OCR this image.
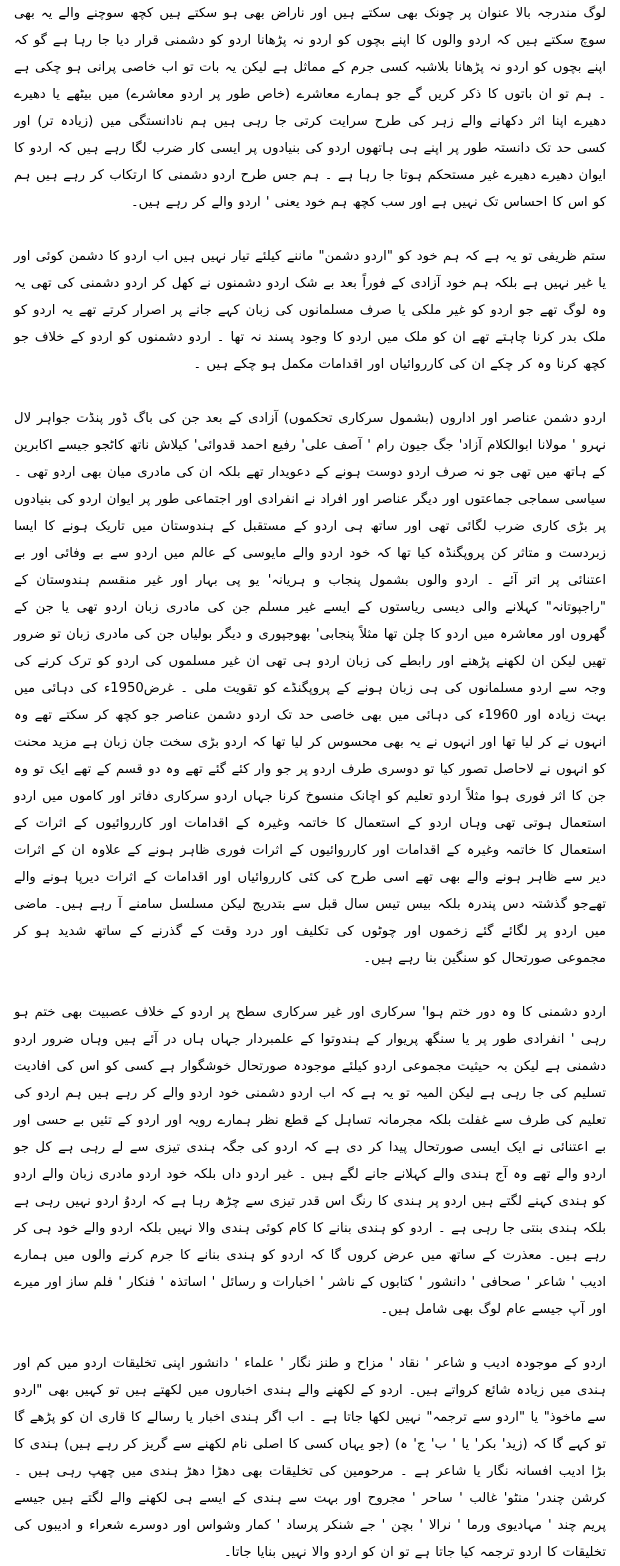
لوگ مندرجہ بالا عنوان پر چونک بھی سکتے ہیں اور ناراض بھی ہو سکتے ہیں کچھ سوچنے والے یہ بھی سوچ سکتے ہیں کہ اردو والوں کا اپنے بچوں کو اردو نہ پڑھانا اردو کو دشمنی قرار دیا جا رہا ہے گو کہ اپنے بچوں کو اردو نہ پڑھانا بلاشبہ کسی جرم کے مماثل ہے لیکن یہ بات تو اب خاصی پرانی ہو چکی ہے ۔ ہم تو ان باتوں کا ذکر کریں گے جو ہمارے معاشرے (خاص طور پر اردو معاشرے) میں بیٹھے یا دھیرے دھیرے اپنا اثر دکھانے والے زہر کی طرح سرایت کرتی جا رہی ہیں ہم نادانستگی میں (زیادہ تر) اور کسی حد تک دانستہ طور پر اپنے ہی ہاتھوں اردو کی بنیادوں پر ایسی کار ضرب لگا رہے ہیں کہ اردو کا ایوان دھیرے دھیرے غیر مستحکم ہوتا جا رہا ہے ۔ ہم جس طرح اردو دشمنی کا ارتکاب کر رہے ہیں ہم کو اس کا احساس تک نہیں ہے اور سب کچھ ہم خود یعنی ' اردو والے کر رہے ہیں۔

ستم ظریفی تو یہ ہے کہ ہم خود کو "اردو دشمن" ماننے کیلئے تیار نہیں ہیں اب اردو کا دشمن کوئی اور یا غیر نہیں ہے بلکہ ہم خود آزادی کے فوراً بعد بے شک اردو دشمنوں نے کھل کر اردو دشمنی کی تھی یہ وہ لوگ تھے جو اردو کو غیر ملکی یا صرف مسلمانوں کی زبان کہے جانے پر اصرار کرتے تھے یہ اردو کو ملک بدر کرنا چاہتے تھے ان کو ملک میں اردو کا وجود پسند نہ تھا ۔ اردو دشمنوں کو اردو کے خلاف جو کچھ کرنا وہ کر چکے ان کی کارروائیاں اور اقدامات مکمل ہو چکے ہیں ۔

اردو دشمن عناصر اور اداروں (بشمول سرکاری تحکموں) آزادی کے بعد جن کی باگ ڈور پنڈت جواہر لال نہرو ' مولانا ابوالکلام آزاد' جگ جیون رام ' آصف علی' رفیع احمد قدوائی' کیلاش ناتھ کاٹجو جیسے اکابرین کے ہاتھ میں تھی جو نہ صرف اردو دوست ہونے کے دعویدار تھے بلکہ ان کی مادری میان بھی اردو تھی ۔ سیاسی سماجی جماعتوں اور دیگر عناصر اور افراد نے انفرادی اور اجتماعی طور پر ایوان اردو کی بنیادوں پر بڑی کاری ضرب لگائی تھی اور ساتھ ہی اردو کے مستقبل کے ہندوستان میں تاریک ہونے کا ایسا زبردست و متاثر کن پروپگنڈہ کیا تھا کہ خود اردو والے مایوسی کے عالم میں اردو سے بے وفائی اور بے اعتنائی پر اتر آئے ۔ اردو والوں بشمول پنجاب و ہریانہ' یو پی بہار اور غیر منقسم ہندوستان کے "راجپوتانہ" کہلانے والی دیسی ریاستوں کے ایسے غیر مسلم جن کی مادری زبان اردو تھی یا جن کے گھروں اور معاشرہ میں اردو کا چلن تھا مثلاً پنجابی' بھوجپوری و دیگر بولیاں جن کی مادری زبان تو ضرور تھیں لیکن ان لکھنے پڑھنے اور رابطے کی زبان اردو ہی تھی ان غیر مسلموں کی اردو کو ترک کرنے کی وجہ سے اردو مسلمانوں کی ہی زبان ہونے کے پروپگنڈے کو تقویت ملی ۔ غرض1950ء کی دہائی میں بہت زیادہ اور 1960ء کی دہائی میں بھی خاصی حد تک اردو دشمن عناصر جو کچھ کر سکتے تھے وہ انہوں نے کر لیا تھا اور انہوں نے یہ بھی محسوس کر لیا تھا کہ اردو بڑی سخت جان زبان ہے مزید محنت کو انہوں نے لاحاصل تصور کیا تو دوسری طرف اردو پر جو وار کئے گئے تھے وہ دو قسم کے تھے ایک تو وہ جن کا اثر فوری ہوا مثلاً اردو تعلیم کو اچانک منسوخ کرنا جہاں اردو سرکاری دفاتر اور کاموں میں اردو استعمال ہوتی تھی وہاں اردو کے استعمال کا خاتمہ وغیرہ کے اقدامات اور کارروائیوں کے اثرات کے استعمال کا خاتمہ وغیرہ کے اقدامات اور کارروائیوں کے اثرات فوری ظاہر ہونے کے علاوہ ان کے اثرات دیر سے ظاہر ہونے والے بھی تھے اسی طرح کی کئی کارروائیاں اور اقدامات کے اثرات دیرپا ہونے والے تھےجو گذشتہ دس پندرہ بلکہ بیس تیس سال قبل سے بتدریج لیکن مسلسل سامنے آ رہے ہیں۔ ماضی میں اردو پر لگائے گئے زخموں اور چوٹوں کی تکلیف اور درد وقت کے گذرنے کے ساتھ شدید ہو کر مجموعی صورتحال کو سنگین بنا رہے ہیں۔

اردو دشمنی کا وہ دور ختم ہوا' سرکاری اور غیر سرکاری سطح پر اردو کے خلاف عصبیت بھی ختم ہو رہی ' انفرادی طور پر یا سنگھ پریوار کے ہندوتوا کے علمبردار جہاں ہاں در آئے ہیں وہاں ضرور اردو دشمنی ہے لیکن بہ حیثیت مجموعی اردو کیلئے موجودہ صورتحال خوشگوار ہے کسی کو اس کی افادیت تسلیم کی جا رہی ہے لیکن المیہ تو یہ ہے کہ اب اردو دشمنی خود اردو والے کر رہے ہیں ہم اردو کی تعلیم کی طرف سے غفلت بلکہ مجرمانہ تساہل کے قطع نظر ہمارے رویہ اور اردو کے تئیں بے حسی اور بے اعتنائی نے ایک ایسی صورتحال پیدا کر دی ہے کہ اردو کی جگہ ہندی تیزی سے لے رہی ہے کل جو اردو والے تھے وہ آج ہندی والے کہلانے جانے لگے ہیں ۔ غیر اردو داں بلکہ خود اردو مادری زبان والے اردو کو ہندی کہنے لگتے ہیں اردو پر ہندی کا رنگ اس قدر تیزی سے چڑھ رہا ہے کہ اردوُ اردو نہیں رہی ہے بلکہ ہندی بنتی جا رہی ہے ۔ اردو کو ہندی بنانے کا کام کوئی ہندی والا نہیں بلکہ اردو والے خود ہی کر رہے ہیں۔ معذرت کے ساتھ میں عرض کروں گا کہ اردو کو ہندی بنانے کا جرم کرنے والوں میں ہمارے ادیب ' شاعر ' صحافی ' دانشور ' کتابوں کے ناشر ' اخبارات و رسائل ' اساتذہ ' فنکار ' فلم ساز اور میرے اور آپ جیسے عام لوگ بھی شامل ہیں۔

اردو کے موجودہ ادیب و شاعر ' نقاد ' مزاح و طنز نگار ' علماء ' دانشور اپنی تخلیقات اردو میں کم اور ہندی میں زیادہ شائع کرواتے ہیں۔ اردو کے لکھنے والے ہندی اخباروں میں لکھتے ہیں تو کہیں بھی "اردو سے ماخوذ" یا "اردو سے ترجمہ" نہیں لکھا جاتا ہے ۔ اب اگر ہندی اخبار یا رسالے کا قاری ان کو پڑھے گا تو کہے گا کہ (زید' بکر' یا ' ب' ج' ہ) (جو یہاں کسی کا اصلی نام لکھنے سے گریز کر رہے ہیں) ہندی کا بڑا ادیب افسانہ نگار یا شاعر ہے ۔ مرحومین کی تخلیقات بھی دھڑا دھڑ ہندی میں چھپ رہی ہیں ۔ کرشن چندر' منٹو' غالب ' ساحر ' مجروح اور بہت سے ہندی کے ایسے ہی لکھنے والے لگتے ہیں جیسے پریم چند ' مہادیوی ورما ' نرالا ' بچن ' جے شنکر پرساد ' کمار وشواس اور دوسرے شعراء و ادیبوں کی تخلیقات کا اردو ترجمہ کیا جاتا ہے تو ان کو اردو والا نہیں بنایا جاتا۔
